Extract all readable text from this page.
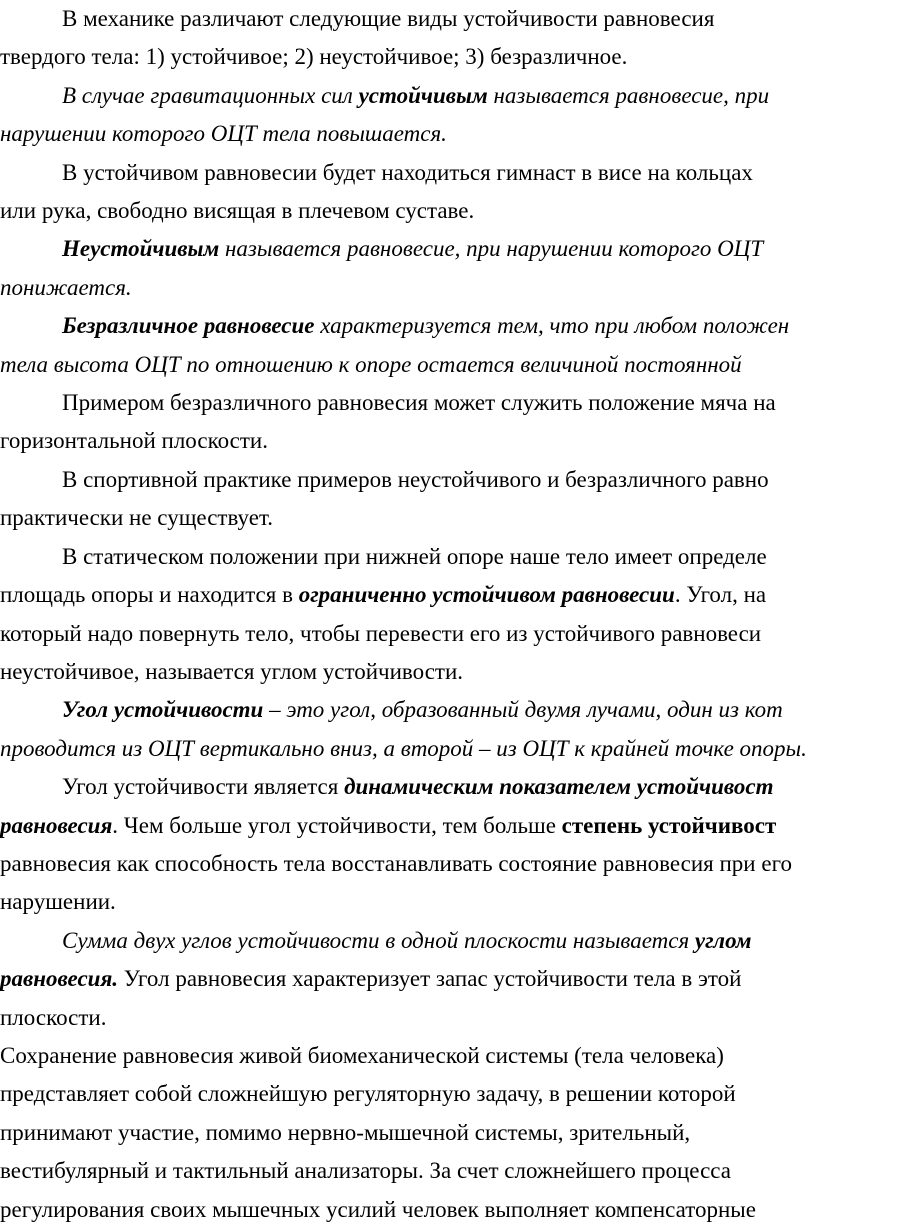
В механике различают следующие виды устойчивости равновесия

твердого тела: 1) устойчивое; 2) неустойчивое; 3) безразличное.

В случае гравитационных сил устойчивым называется равновесие, при

нарушении которого ОЦТ тела повышается.

В устойчивом равновесии будет находиться гимнаст в висе на кольцах

или рука, свободно висящая в плечевом суставе.

Неустойчивым называется равновесие, при нарушении которого ОЦТ

понижается.

Безразличное равновесие характеризуется тем, что при любом положен

тела высота ОЦТ по отношению к опоре остается величиной постоянной

Примером безразличного равновесия может служить положение мяча на

горизонтальной плоскости.

В спортивной практике примеров неустойчивого и безразличного равно

практически не существует.

В статическом положении при нижней опоре наше тело имеет определе

площадь опоры и находится в ограниченно устойчивом равновесии. Угол, на

который надо повернуть тело, чтобы перевести его из устойчивого равновеси

неустойчивое, называется углом устойчивости.

Угол устойчивости – это угол, образованный двумя лучами, один из кот

проводится из ОЦТ вертикально вниз, а второй – из ОЦТ к крайней точке опоры.

Угол устойчивости является динамическим показателем устойчивост

равновесия. Чем больше угол устойчивости, тем больше степень устойчивост

равновесия как способность тела восстанавливать состояние равновесия при его

нарушении.

Сумма двух углов устойчивости в одной плоскости называется углом

равновесия. Угол равновесия характеризует запас устойчивости тела в этой

плоскости.

Сохранение равновесия живой биомеханической системы (тела человека)

представляет собой сложнейшую регуляторную задачу, в решении которой

принимают участие, помимо нервно-мышечной системы, зрительный,

вестибулярный и тактильный анализаторы. За счет сложнейшего процесса

регулирования своих мышечных усилий человек выполняет компенсаторные
